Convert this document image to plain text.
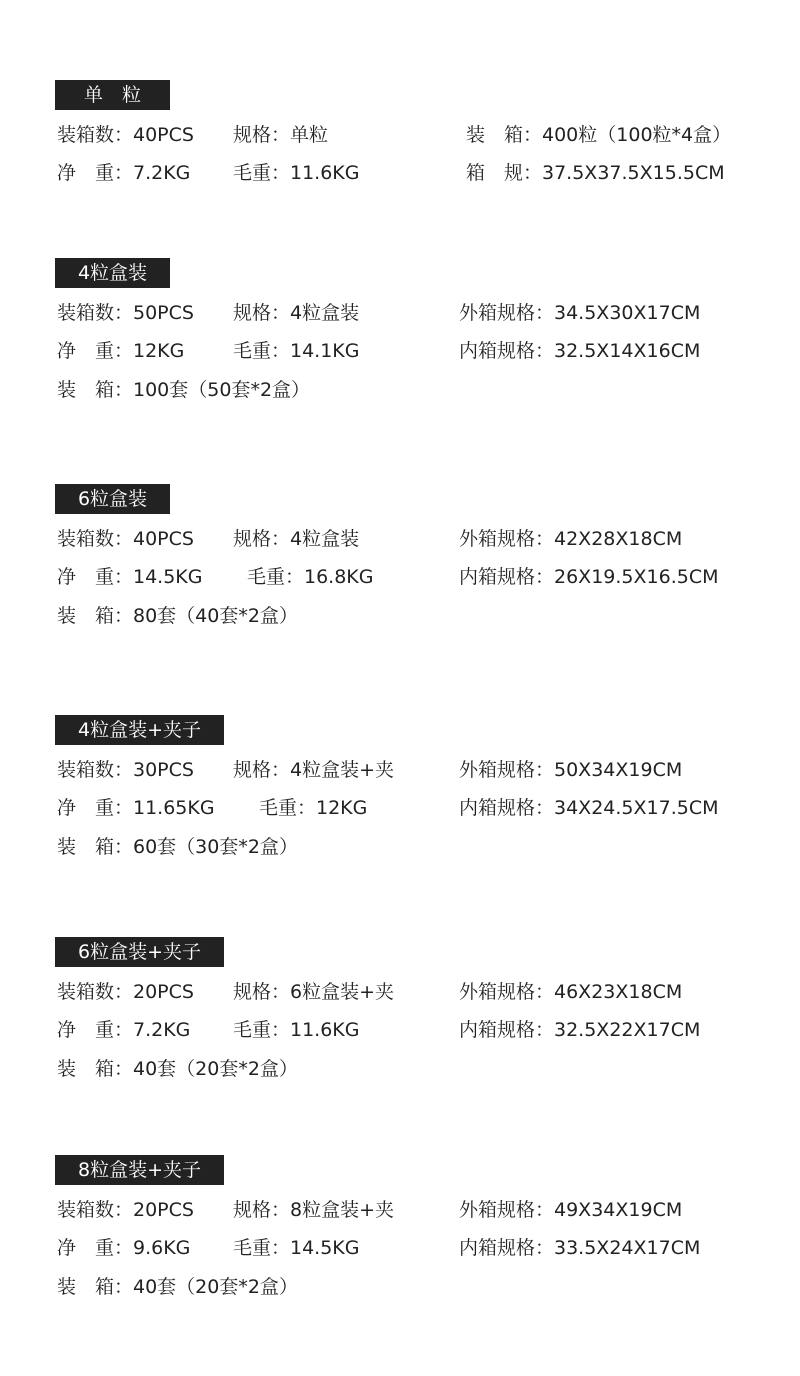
单　粒
装箱数：40PCS 规格：单粒	装　箱：400粒（100粒*4盒）
净　重：7.2KG 毛重：11.6KG	箱　规：37.5X37.5X15.5CM
4粒盒装
装箱数：50PCS 规格：4粒盒装	外箱规格：34.5X30X17CM
净　重：12KG	毛重：14.1KG	内箱规格：32.5X14X16CM
装　箱：100套（50套*2盒）
6粒盒装
装箱数：40PCS 规格：4粒盒装	外箱规格：42X28X18CM
净　重：14.5KG 毛重：16.8KG	内箱规格：26X19.5X16.5CM
装　箱：80套（40套*2盒）
4粒盒装+夹子
装箱数：30PCS 规格：4粒盒装+夹	外箱规格：50X34X19CM
净　重：11.65KG 毛重：12KG	内箱规格：34X24.5X17.5CM
装　箱：60套（30套*2盒）
6粒盒装+夹子
装箱数：20PCS 规格：6粒盒装+夹	外箱规格：46X23X18CM
净　重：7.2KG 毛重：11.6KG	内箱规格：32.5X22X17CM
装　箱：40套（20套*2盒）
8粒盒装+夹子
装箱数：20PCS 规格：8粒盒装+夹	外箱规格：49X34X19CM
净　重：9.6KG 毛重：14.5KG	内箱规格：33.5X24X17CM
装　箱：40套（20套*2盒）
